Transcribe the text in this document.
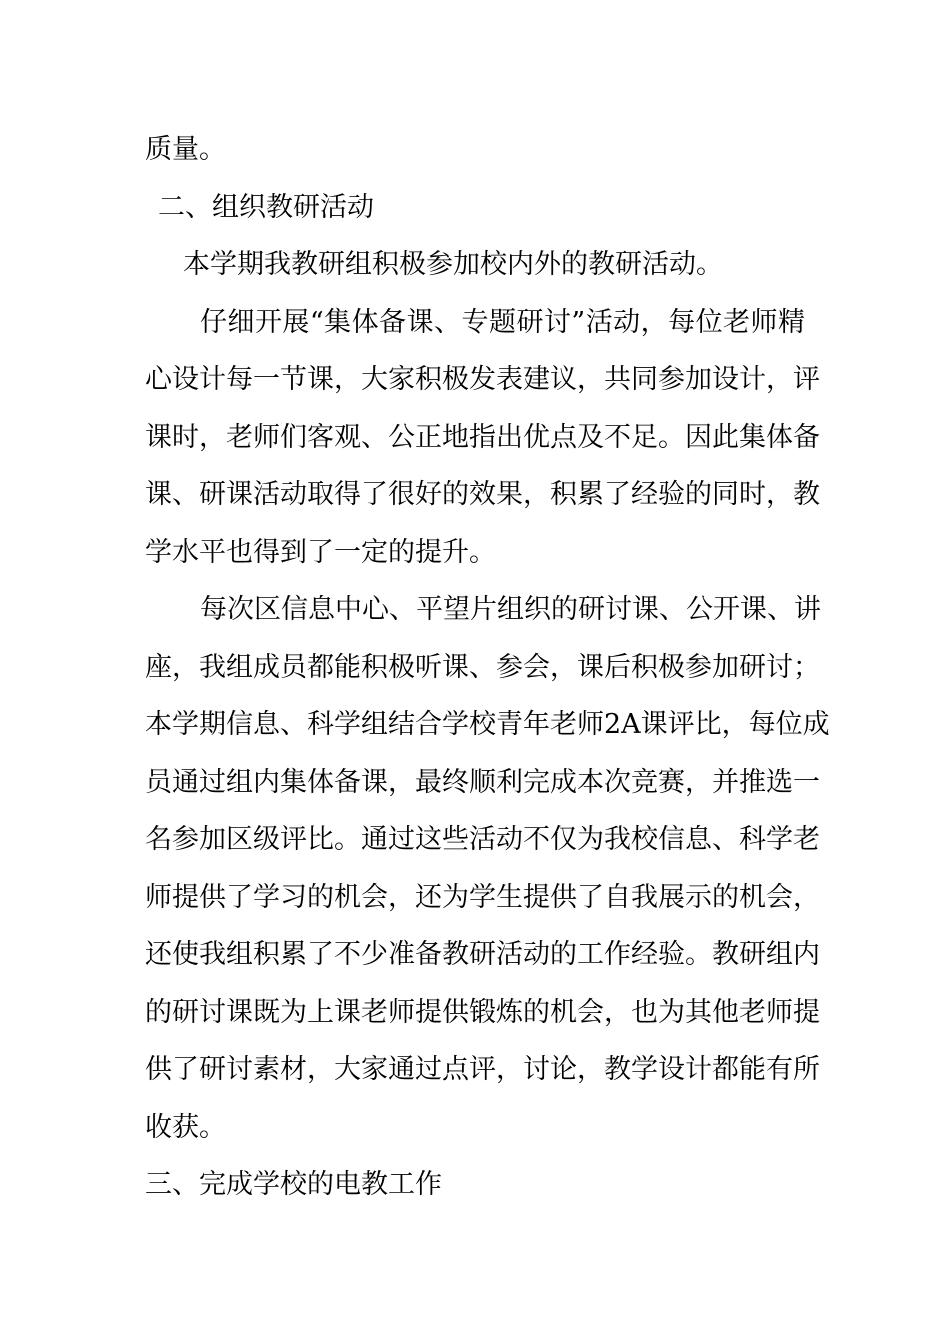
质量。
二、组织教研活动
本学期我教研组积极参加校内外的教研活动。
仔细开展“集体备课、专题研讨”活动，每位老师精
心设计每一节课，大家积极发表建议，共同参加设计，评
课时，老师们客观、公正地指出优点及不足。因此集体备
课、研课活动取得了很好的效果，积累了经验的同时，教
学水平也得到了一定的提升。
每次区信息中心、平望片组织的研讨课、公开课、讲
座，我组成员都能积极听课、参会，课后积极参加研讨；
本学期信息、科学组结合学校青年老师2A课评比，每位成
员通过组内集体备课，最终顺利完成本次竞赛，并推选一
名参加区级评比。通过这些活动不仅为我校信息、科学老
师提供了学习的机会，还为学生提供了自我展示的机会，
还使我组积累了不少准备教研活动的工作经验。教研组内
的研讨课既为上课老师提供锻炼的机会，也为其他老师提
供了研讨素材，大家通过点评，讨论，教学设计都能有所
收获。
三、完成学校的电教工作
